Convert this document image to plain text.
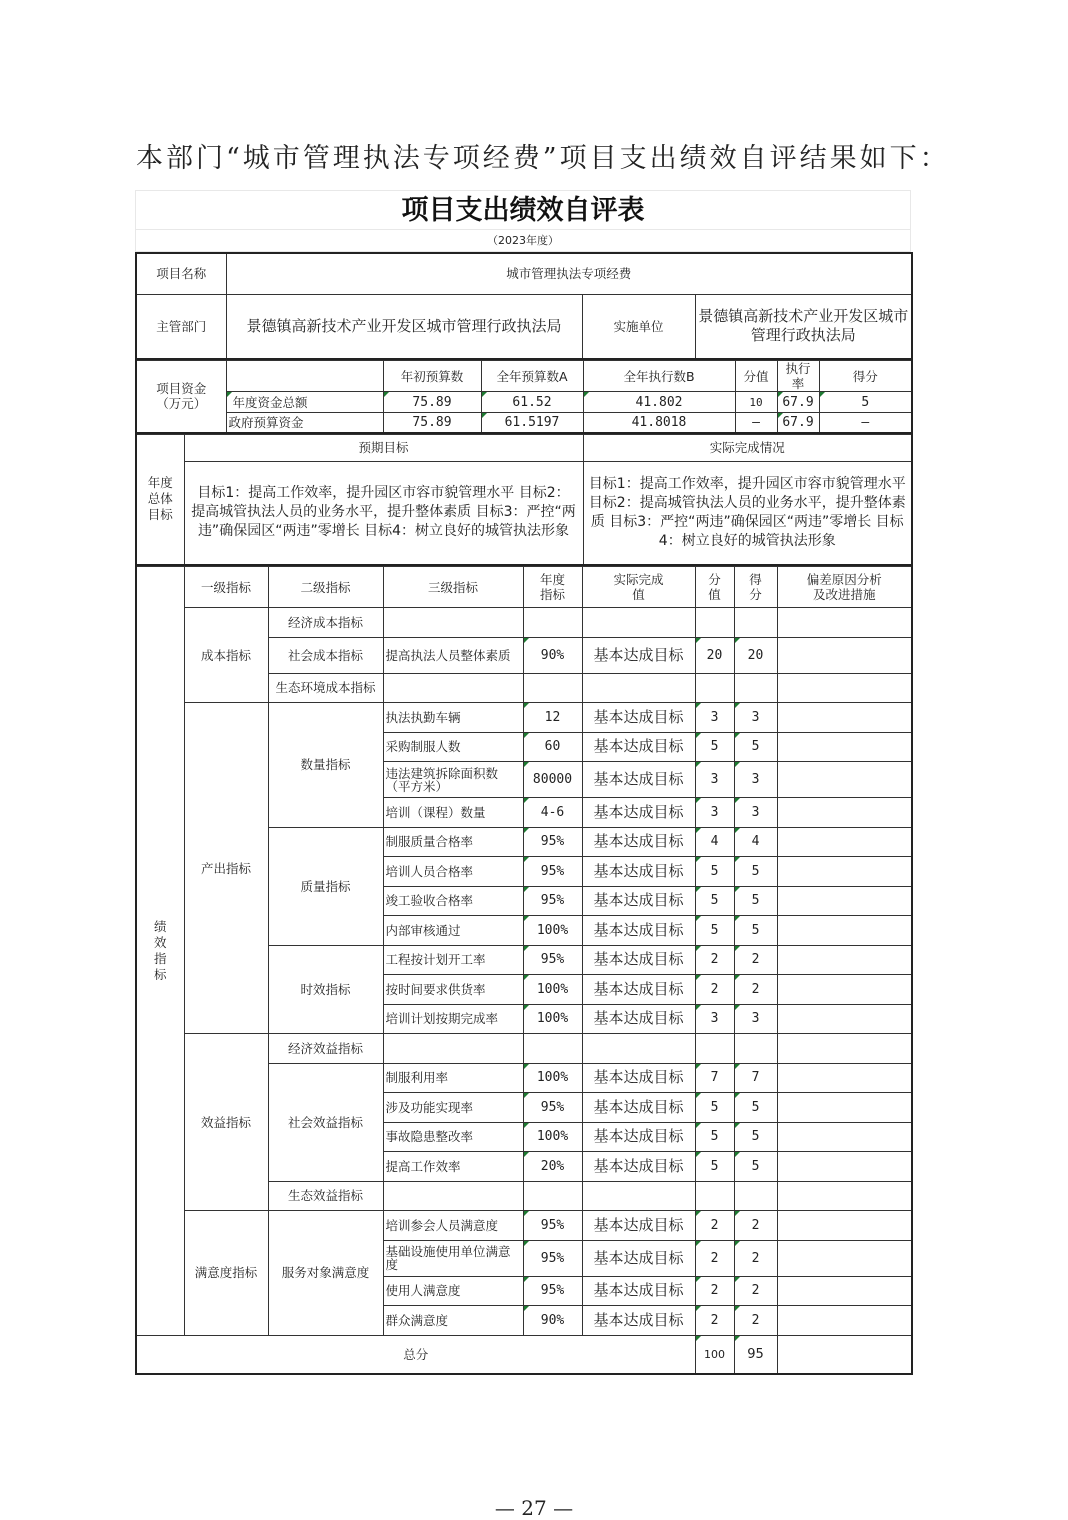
本部门“城市管理执法专项经费”项目支出绩效自评结果如下：
项目支出绩效自评表
（2023年度）
项目名称	城市管理执法专项经费		
主管部门	景德镇高新技术产业开发区城市管理行政执法局	实施单位	景德镇高新技术产业开发区城市管理行政执法局
项目资金（万元）		年初预算数	全年预算数A	全年执行数B	分值	执行率	得分
	年度资金总额	75.89	61.52	41.802	10	67.9	5
	政府预算资金	75.89	61.5197	41.8018	—	67.9	—
年度总体目标	预期目标	实际完成情况
	目标1：提高工作效率，提升园区市容市貌管理水平 目标2：提高城管执法人员的业务水平，提升整体素质 目标3：严控“两违”确保园区“两违”零增长 目标4：树立良好的城管执法形象	目标1：提高工作效率，提升园区市容市貌管理水平 目标2：提高城管执法人员的业务水平，提升整体素质 目标3：严控“两违”确保园区“两违”零增长 目标4：树立良好的城管执法形象
绩效指标	一级指标	二级指标	三级指标	年度指标	实际完成值	分值	得分	偏差原因分析及改进措施
	成本指标	经济成本指标						
		社会成本指标	提高执法人员整体素质	90%	基本达成目标	20	20	
		生态环境成本指标						
	产出指标	数量指标	执法执勤车辆	12	基本达成目标	3	3	
			采购制服人数	60	基本达成目标	5	5	
			违法建筑拆除面积数（平方米）	80000	基本达成目标	3	3	
			培训（课程）数量	4-6	基本达成目标	3	3	
		质量指标	制服质量合格率	95%	基本达成目标	4	4	
			培训人员合格率	95%	基本达成目标	5	5	
			竣工验收合格率	95%	基本达成目标	5	5	
			内部审核通过	100%	基本达成目标	5	5	
		时效指标	工程按计划开工率	95%	基本达成目标	2	2	
			按时间要求供货率	100%	基本达成目标	2	2	
			培训计划按期完成率	100%	基本达成目标	3	3	
	效益指标	经济效益指标						
		社会效益指标	制服利用率	100%	基本达成目标	7	7	
			涉及功能实现率	95%	基本达成目标	5	5	
			事故隐患整改率	100%	基本达成目标	5	5	
			提高工作效率	20%	基本达成目标	5	5	
		生态效益指标						
	满意度指标	服务对象满意度	培训参会人员满意度	95%	基本达成目标	2	2	
			基础设施使用单位满意度	95%	基本达成目标	2	2	
			使用人满意度	95%	基本达成目标	2	2	
			群众满意度	90%	基本达成目标	2	2	
总分						100	95	
— 27 —
